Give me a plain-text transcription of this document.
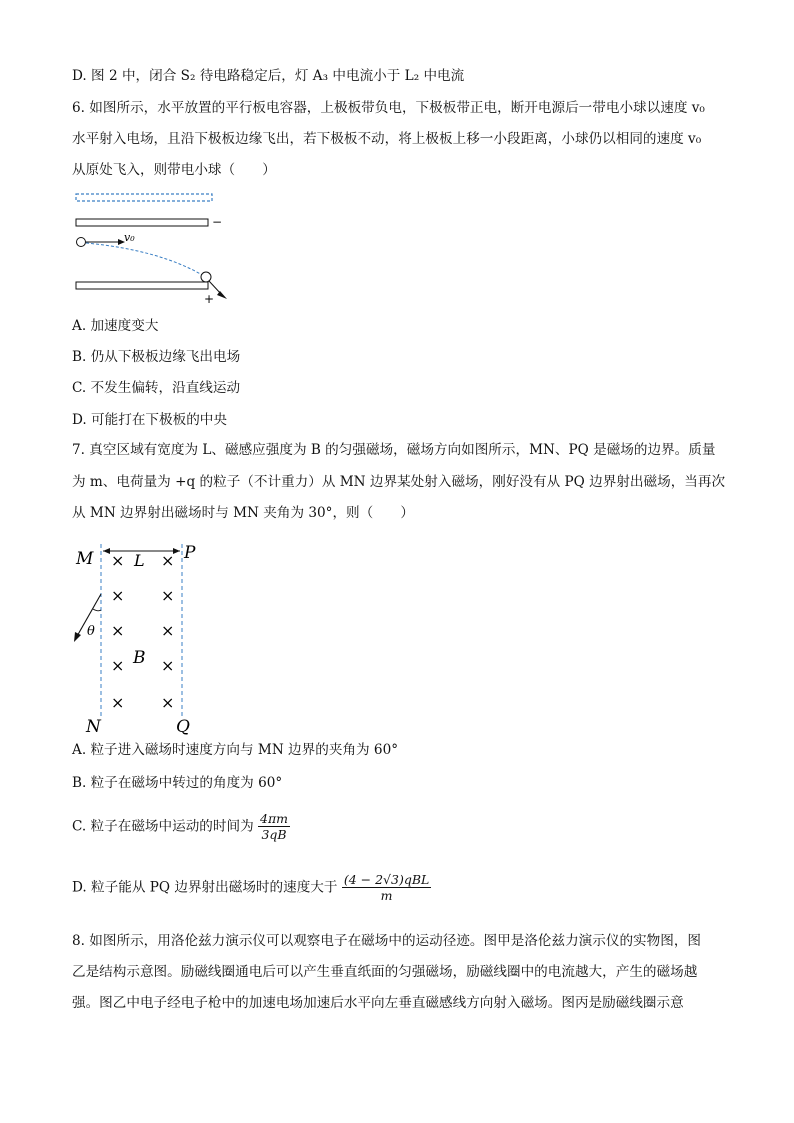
D. 图 2 中，闭合 S₂ 待电路稳定后，灯 A₃ 中电流小于 L₂ 中电流
6. 如图所示，水平放置的平行板电容器，上极板带负电，下极板带正电，断开电源后一带电小球以速度 v₀
水平射入电场，且沿下极板边缘飞出，若下极板不动，将上极板上移一小段距离，小球仍以相同的速度 v₀
从原处飞入，则带电小球（　　）
−
v₀
+
A. 加速度变大
B. 仍从下极板边缘飞出电场
C. 不发生偏转，沿直线运动
D. 可能打在下极板的中央
7. 真空区域有宽度为 L、磁感应强度为 B 的匀强磁场，磁场方向如图所示，MN、PQ 是磁场的边界。质量
为 m、电荷量为 +q 的粒子（不计重力）从 MN 边界某处射入磁场，刚好没有从 PQ 边界射出磁场，当再次
从 MN 边界射出磁场时与 MN 夹角为 30°，则（　　）
M	P
L
× ×
× ×
× ×
× ×
× ×
B
θ
N	Q
A. 粒子进入磁场时速度方向与 MN 边界的夹角为 60°
B. 粒子在磁场中转过的角度为 60°
C. 粒子在磁场中运动的时间为 $\frac{4\pi m}{3qB}$
D. 粒子能从 PQ 边界射出磁场时的速度大于 $\frac{\text{(4 − 2√3)qBL}}{m}$
8. 如图所示，用洛伦兹力演示仪可以观察电子在磁场中的运动径迹。图甲是洛伦兹力演示仪的实物图，图
乙是结构示意图。励磁线圈通电后可以产生垂直纸面的匀强磁场，励磁线圈中的电流越大，产生的磁场越
强。图乙中电子经电子枪中的加速电场加速后水平向左垂直磁感线方向射入磁场。图丙是励磁线圈示意
